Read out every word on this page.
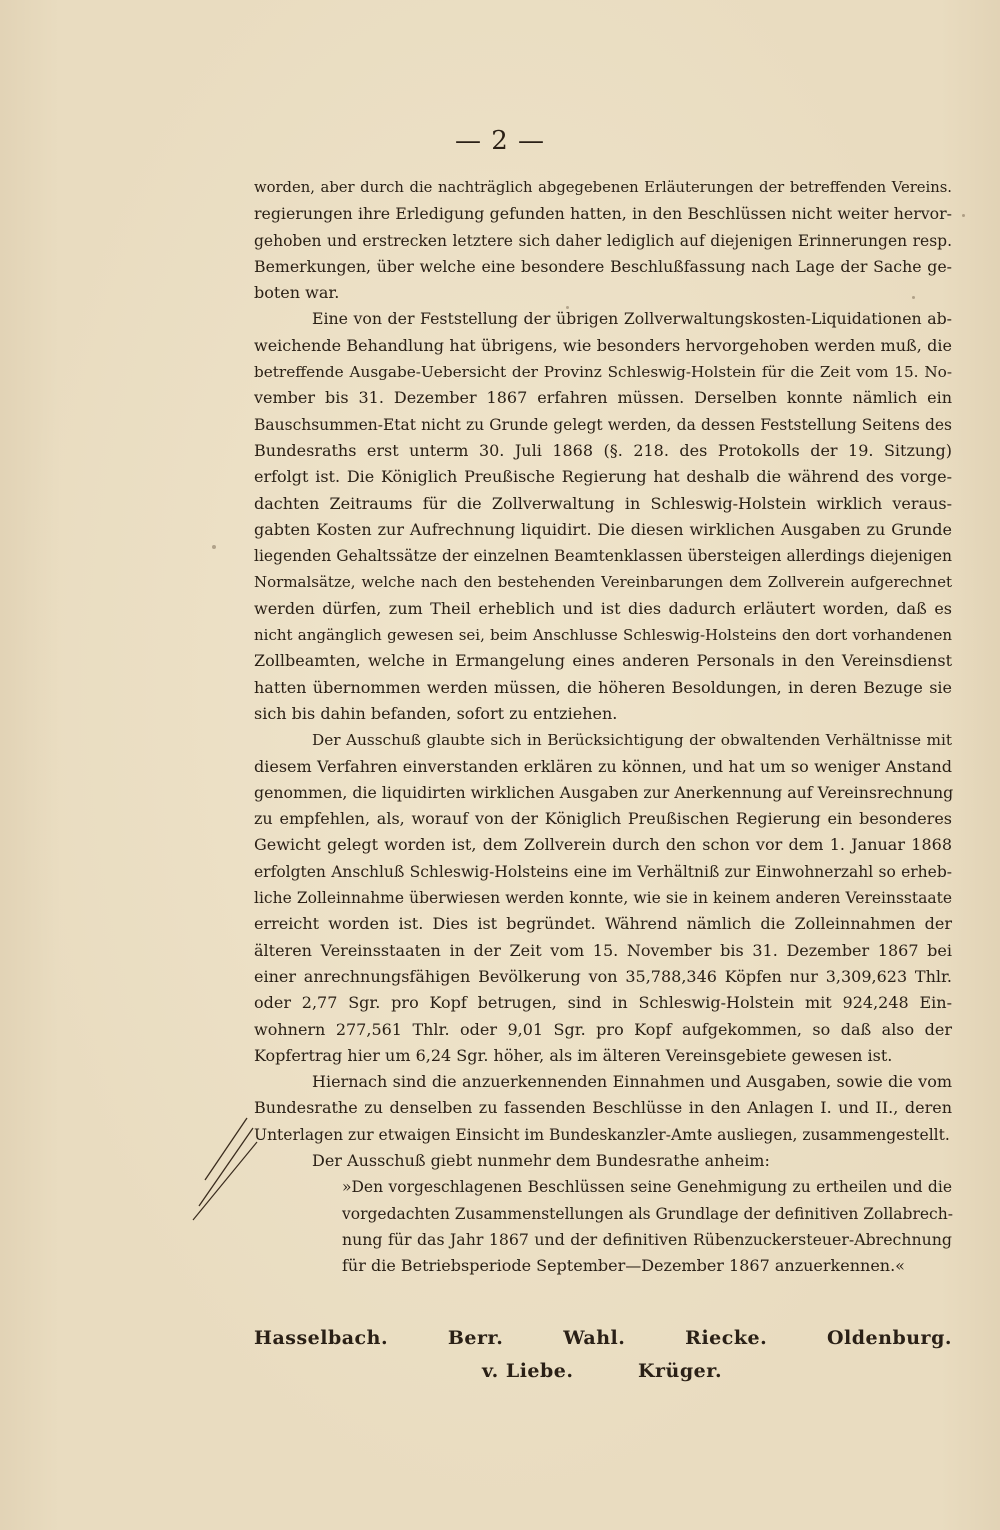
— 2 —
worden, aber durch die nachträglich abgegebenen Erläuterungen der betreffenden Vereins.
regierungen ihre Erledigung gefunden hatten, in den Beschlüssen nicht weiter hervor-
gehoben und erstrecken letztere sich daher lediglich auf diejenigen Erinnerungen resp.
Bemerkungen, über welche eine besondere Beschlußfassung nach Lage der Sache ge-
boten war.
Eine von der Feststellung der übrigen Zollverwaltungskosten-Liquidationen ab-
weichende Behandlung hat übrigens, wie besonders hervorgehoben werden muß, die
betreffende Ausgabe-Uebersicht der Provinz Schleswig-Holstein für die Zeit vom 15. No-
vember bis 31. Dezember 1867 erfahren müssen. Derselben konnte nämlich ein
Bauschsummen-Etat nicht zu Grunde gelegt werden, da dessen Feststellung Seitens des
Bundesraths erst unterm 30. Juli 1868 (§. 218. des Protokolls der 19. Sitzung)
erfolgt ist. Die Königlich Preußische Regierung hat deshalb die während des vorge-
dachten Zeitraums für die Zollverwaltung in Schleswig-Holstein wirklich veraus-
gabten Kosten zur Aufrechnung liquidirt. Die diesen wirklichen Ausgaben zu Grunde
liegenden Gehaltssätze der einzelnen Beamtenklassen übersteigen allerdings diejenigen
Normalsätze, welche nach den bestehenden Vereinbarungen dem Zollverein aufgerechnet
werden dürfen, zum Theil erheblich und ist dies dadurch erläutert worden, daß es
nicht angänglich gewesen sei, beim Anschlusse Schleswig-Holsteins den dort vorhandenen
Zollbeamten, welche in Ermangelung eines anderen Personals in den Vereinsdienst
hatten übernommen werden müssen, die höheren Besoldungen, in deren Bezuge sie
sich bis dahin befanden, sofort zu entziehen.
Der Ausschuß glaubte sich in Berücksichtigung der obwaltenden Verhältnisse mit
diesem Verfahren einverstanden erklären zu können, und hat um so weniger Anstand
genommen, die liquidirten wirklichen Ausgaben zur Anerkennung auf Vereinsrechnung
zu empfehlen, als, worauf von der Königlich Preußischen Regierung ein besonderes
Gewicht gelegt worden ist, dem Zollverein durch den schon vor dem 1. Januar 1868
erfolgten Anschluß Schleswig-Holsteins eine im Verhältniß zur Einwohnerzahl so erheb-
liche Zolleinnahme überwiesen werden konnte, wie sie in keinem anderen Vereinsstaate
erreicht worden ist. Dies ist begründet. Während nämlich die Zolleinnahmen der
älteren Vereinsstaaten in der Zeit vom 15. November bis 31. Dezember 1867 bei
einer anrechnungsfähigen Bevölkerung von 35,788,346 Köpfen nur 3,309,623 Thlr.
oder 2,77 Sgr. pro Kopf betrugen, sind in Schleswig-Holstein mit 924,248 Ein-
wohnern 277,561 Thlr. oder 9,01 Sgr. pro Kopf aufgekommen, so daß also der
Kopfertrag hier um 6,24 Sgr. höher, als im älteren Vereinsgebiete gewesen ist.
Hiernach sind die anzuerkennenden Einnahmen und Ausgaben, sowie die vom
Bundesrathe zu denselben zu fassenden Beschlüsse in den Anlagen I. und II., deren
Unterlagen zur etwaigen Einsicht im Bundeskanzler-Amte ausliegen, zusammengestellt.
Der Ausschuß giebt nunmehr dem Bundesrathe anheim:
»Den vorgeschlagenen Beschlüssen seine Genehmigung zu ertheilen und die
vorgedachten Zusammenstellungen als Grundlage der definitiven Zollabrech-
nung für das Jahr 1867 und der definitiven Rübenzuckersteuer-Abrechnung
für die Betriebsperiode September—Dezember 1867 anzuerkennen.«
Hasselbach.	Berr.	Wahl.	Riecke.	Oldenburg.
v. Liebe.	Krüger.
